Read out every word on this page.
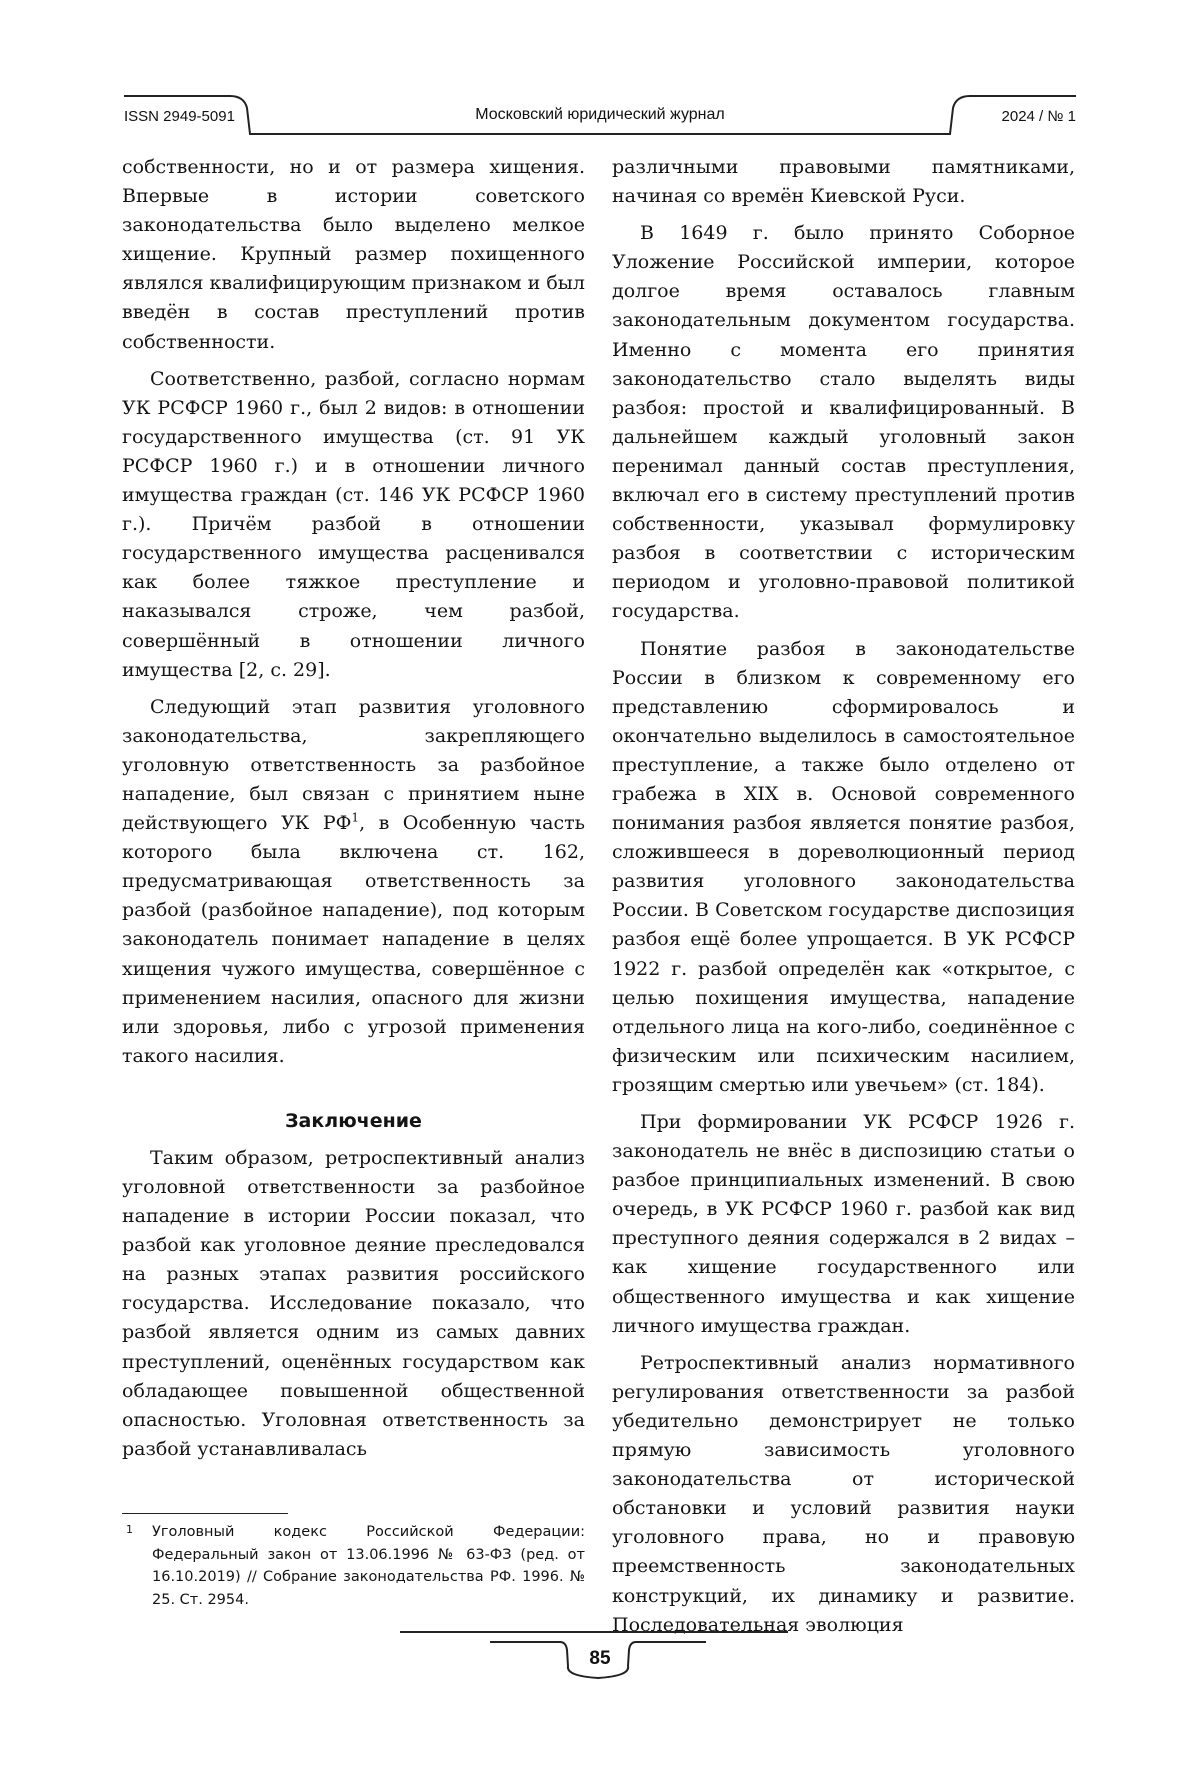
ISSN 2949-5091	Московский юридический журнал	2024 / № 1

собственности, но и от размера хищения. Впервые в истории советского законодательства было выделено мелкое хищение. Крупный размер похищенного являлся квалифицирующим признаком и был введён в состав преступлений против собственности.

Соответственно, разбой, согласно нормам УК РСФСР 1960 г., был 2 видов: в отношении государственного имущества (ст. 91 УК РСФСР 1960 г.) и в отношении личного имущества граждан (ст. 146 УК РСФСР 1960 г.). Причём разбой в отношении государственного имущества расценивался как более тяжкое преступление и наказывался строже, чем разбой, совершённый в отношении личного имущества [2, с. 29].

Следующий этап развития уголовного законодательства, закрепляющего уголовную ответственность за разбойное нападение, был связан с принятием ныне действующего УК $РФ^1$, в Особенную часть которого была включена ст. 162, предусматривающая ответственность за разбой (разбойное нападение), под которым законодатель понимает нападение в целях хищения чужого имущества, совершённое с применением насилия, опасного для жизни или здоровья, либо с угрозой применения такого насилия.

Заключение

Таким образом, ретроспективный анализ уголовной ответственности за разбойное нападение в истории России показал, что разбой как уголовное деяние преследовался на разных этапах развития российского государства. Исследование показало, что разбой является одним из самых давних преступлений, оценённых государством как обладающее повышенной общественной опасностью. Уголовная ответственность за разбой устанавливалась

различными правовыми памятниками, начиная со времён Киевской Руси.

В 1649 г. было принято Соборное Уложение Российской империи, которое долгое время оставалось главным законодательным документом государства. Именно с момента его принятия законодательство стало выделять виды разбоя: простой и квалифицированный. В дальнейшем каждый уголовный закон перенимал данный состав преступления, включал его в систему преступлений против собственности, указывал формулировку разбоя в соответствии с историческим периодом и уголовно-правовой политикой государства.

Понятие разбоя в законодательстве России в близком к современному его представлению сформировалось и окончательно выделилось в самостоятельное преступление, а также было отделено от грабежа в XIX в. Основой современного понимания разбоя является понятие разбоя, сложившееся в дореволюционный период развития уголовного законодательства России. В Советском государстве диспозиция разбоя ещё более упрощается. В УК РСФСР 1922 г. разбой определён как «открытое, с целью похищения имущества, нападение отдельного лица на кого-либо, соединённое с физическим или психическим насилием, грозящим смертью или увечьем» (ст. 184).

При формировании УК РСФСР 1926 г. законодатель не внёс в диспозицию статьи о разбое принципиальных изменений. В свою очередь, в УК РСФСР 1960 г. разбой как вид преступного деяния содержался в 2 видах – как хищение государственного или общественного имущества и как хищение личного имущества граждан.

Ретроспективный анализ нормативного регулирования ответственности за разбой убедительно демонстрирует не только прямую зависимость уголовного законодательства от исторической обстановки и условий развития науки уголовного права, но и правовую преемственность законодательных конструкций, их динамику и развитие. Последовательная эволюция

1 Уголовный кодекс Российской Федерации: Федеральный закон от 13.06.1996 № 63-ФЗ (ред. от 16.10.2019) // Собрание законодательства РФ. 1996. № 25. Ст. 2954.
85
